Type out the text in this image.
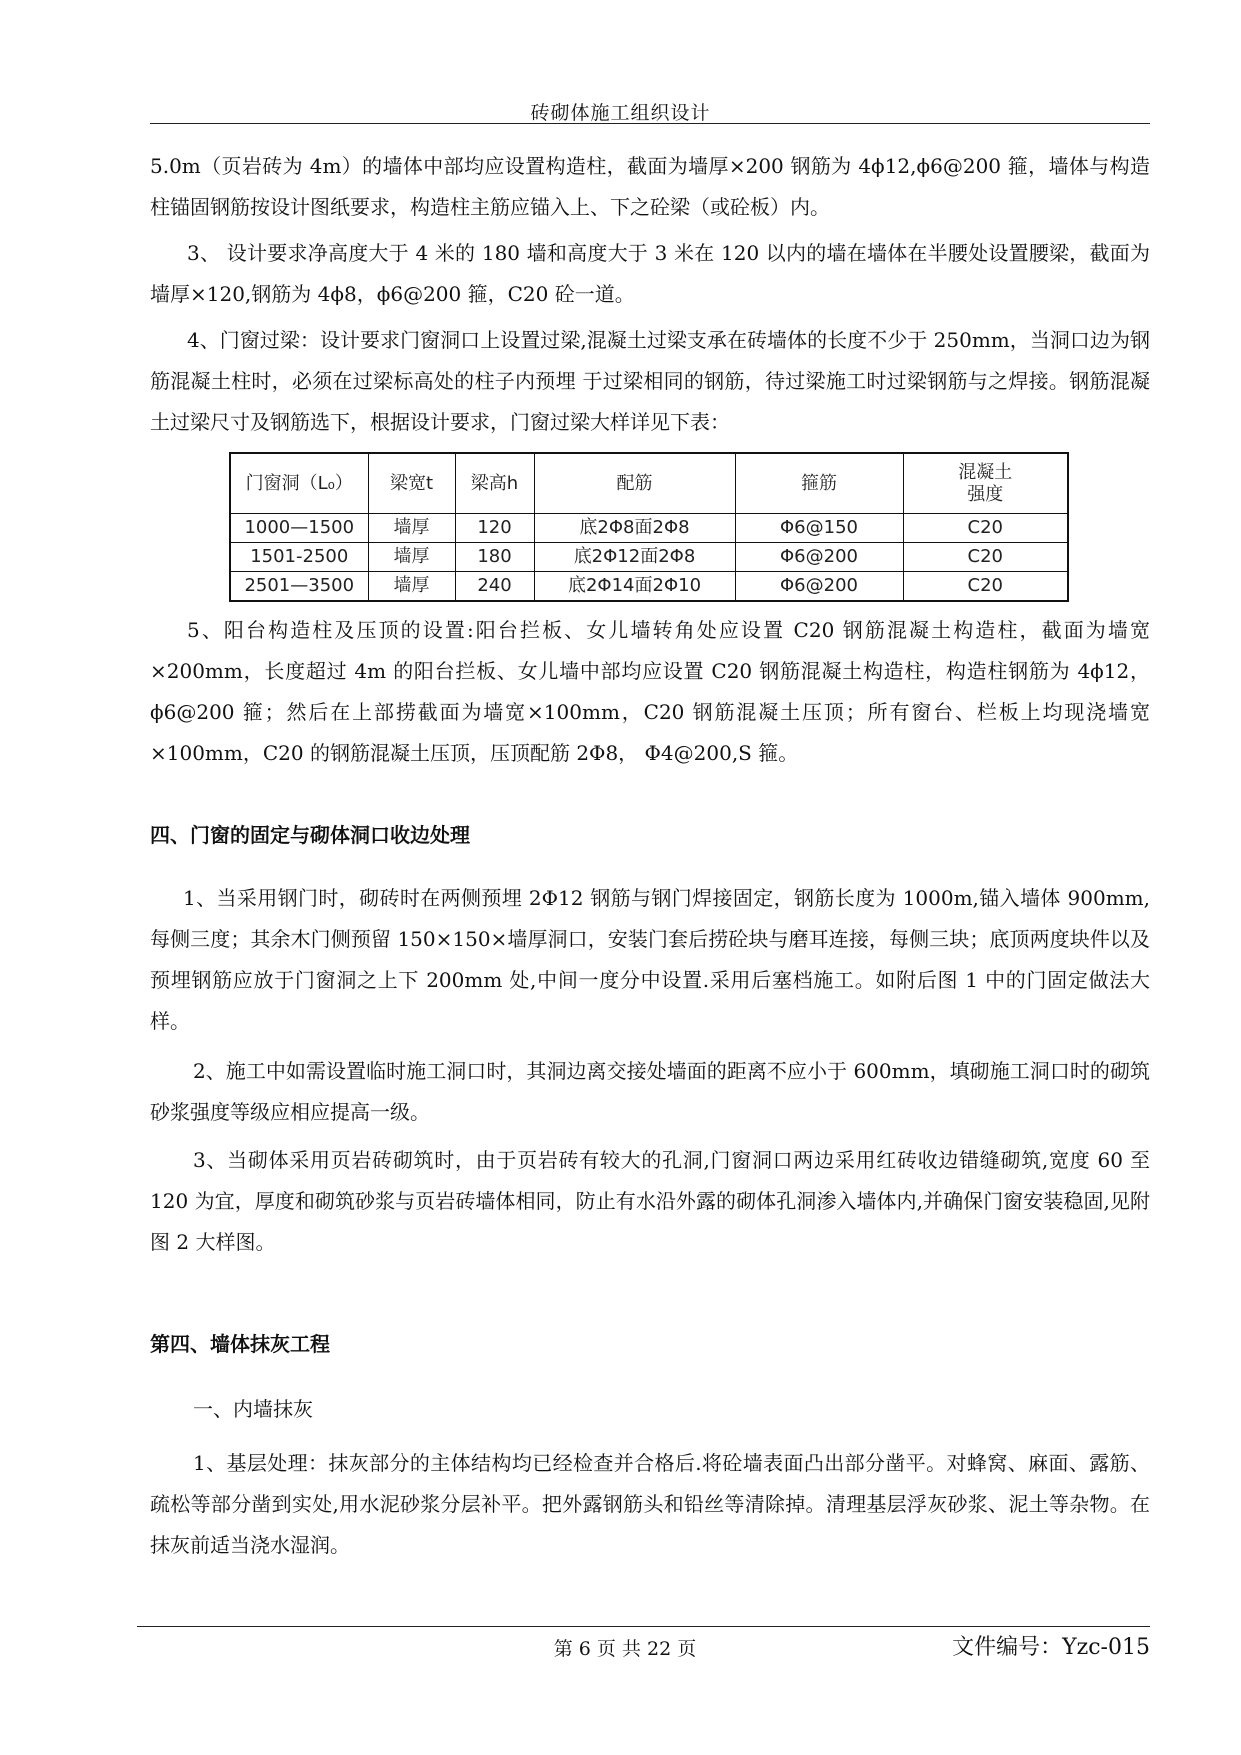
砖砌体施工组织设计

5.0m（页岩砖为 4m）的墙体中部均应设置构造柱，截面为墙厚×200 钢筋为 4ϕ12,ϕ6@200 箍，墙体与构造柱锚固钢筋按设计图纸要求，构造柱主筋应锚入上、下之砼梁（或砼板）内。

3、 设计要求净高度大于 4 米的 180 墙和高度大于 3 米在 120 以内的墙在墙体在半腰处设置腰梁，截面为墙厚×120,钢筋为 4ϕ8，ϕ6@200 箍，C20 砼一道。

4、门窗过梁：设计要求门窗洞口上设置过梁,混凝土过梁支承在砖墙体的长度不少于 250mm，当洞口边为钢筋混凝土柱时，必须在过梁标高处的柱子内预埋 于过梁相同的钢筋，待过梁施工时过梁钢筋与之焊接。钢筋混凝土过梁尺寸及钢筋选下，根据设计要求，门窗过梁大样详见下表：

门窗洞（L₀）	梁宽t	梁高h	配筋	箍筋	混凝土
强度

1000—1500	墙厚	120	底2Φ8面2Φ8	Φ6@150	C20
1501-2500	墙厚	180	底2Φ12面2Φ8	Φ6@200	C20
2501—3500	墙厚	240	底2Φ14面2Φ10	Φ6@200	C20

5、阳台构造柱及压顶的设置:阳台拦板、女儿墙转角处应设置 C20 钢筋混凝土构造柱，截面为墙宽×200mm，长度超过 4m 的阳台拦板、女儿墙中部均应设置 C20 钢筋混凝土构造柱，构造柱钢筋为 4ϕ12，ϕ6@200 箍；然后在上部捞截面为墙宽×100mm，C20 钢筋混凝土压顶；所有窗台、栏板上均现浇墙宽×100mm，C20 的钢筋混凝土压顶，压顶配筋 2Φ8， Φ4@200,S 箍。

四、门窗的固定与砌体洞口收边处理

1、当采用钢门时，砌砖时在两侧预埋 2Φ12 钢筋与钢门焊接固定，钢筋长度为 1000m,锚入墙体 900mm,每侧三度；其余木门侧预留 150×150×墙厚洞口，安装门套后捞砼块与磨耳连接，每侧三块；底顶两度块件以及预埋钢筋应放于门窗洞之上下 200mm 处,中间一度分中设置.采用后塞档施工。如附后图 1 中的门固定做法大样。

2、施工中如需设置临时施工洞口时，其洞边离交接处墙面的距离不应小于 600mm，填砌施工洞口时的砌筑砂浆强度等级应相应提高一级。

3、当砌体采用页岩砖砌筑时，由于页岩砖有较大的孔洞,门窗洞口两边采用红砖收边错缝砌筑,宽度 60 至 120 为宜，厚度和砌筑砂浆与页岩砖墙体相同，防止有水沿外露的砌体孔洞渗入墙体内,并确保门窗安装稳固,见附图 2 大样图。

第四、墙体抹灰工程

一、内墙抹灰

1、基层处理：抹灰部分的主体结构均已经检查并合格后.将砼墙表面凸出部分凿平。对蜂窝、麻面、露筋、疏松等部分凿到实处,用水泥砂浆分层补平。把外露钢筋头和铅丝等清除掉。清理基层浮灰砂浆、泥土等杂物。在抹灰前适当浇水湿润。

第 6 页 共 22 页	文件编号：Yzc-015
